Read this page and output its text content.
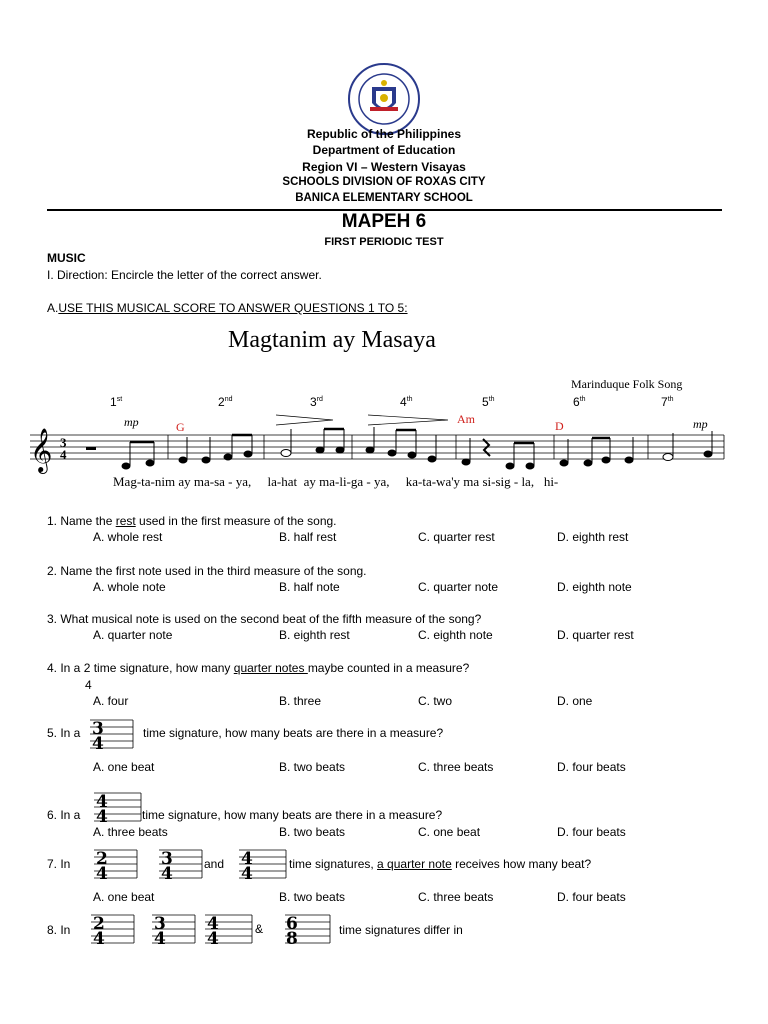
Republic of the Philippines
Department of Education
Region VI – Western Visayas
SCHOOLS DIVISION OF ROXAS CITY
BANICA ELEMENTARY SCHOOL
MAPEH 6
FIRST PERIODIC TEST
MUSIC
I. Direction: Encircle the letter of the correct answer.
A.USE THIS MUSICAL SCORE TO ANSWER QUESTIONS 1 TO 5:
Magtanim ay Masaya
Marinduque Folk Song
1st	2nd	3rd	4th	5th	6th	7th
G
Am	D
mp	mp
𝄞 3
4
Mag-ta-nim ay ma-sa - ya,     la-hat  ay ma-li-ga - ya,     ka-ta-wa'y ma si-sig - la,   hi-
1. Name the rest used in the first measure of the song.
A. whole rest	B. half rest	C. quarter rest	D. eighth rest
2. Name the first note used in the third measure of the song.
A. whole note	B. half note	C. quarter note	D. eighth note
3. What musical note is used on the second beat of the fifth measure of the song?
A. quarter note	B. eighth rest	C. eighth note	D. quarter rest
4. In a 2 time signature, how many quarter notes maybe counted in a measure?
4
A. four	B. three	C. two	D. one
5. In a 3
4
time signature, how many beats are there in a measure?
A. one beat	B. two beats	C. three beats	D. four beats
6. In a
4
4	time signature, how many beats are there in a measure?
A. three beats	B. two beats	C. one beat	D. four beats
7. In 2
4
3
4	and 4
4	time signatures, a quarter note receives how many beat?
A. one beat	B. two beats	C. three beats	D. four beats
8. In 2
4
3
4
4
4	& 6
8	time signatures differ in
